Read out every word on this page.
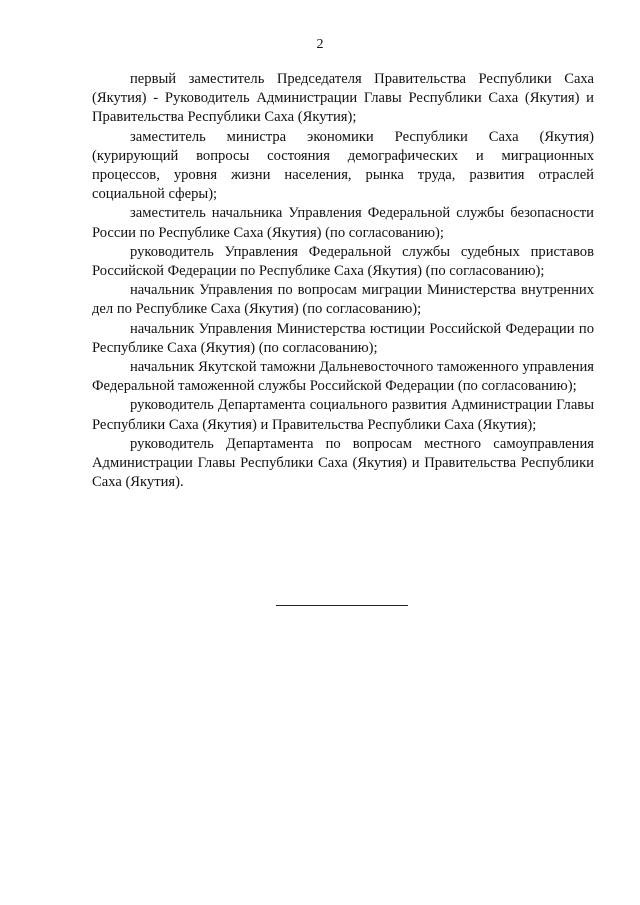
2

первый заместитель Председателя Правительства Республики Саха (Якутия) - Руководитель Администрации Главы Республики Саха (Якутия) и Правительства Республики Саха (Якутия);

заместитель министра экономики Республики Саха (Якутия) (курирующий вопросы состояния демографических и миграционных процессов, уровня жизни населения, рынка труда, развития отраслей социальной сферы);

заместитель начальника Управления Федеральной службы безопасности России по Республике Саха (Якутия) (по согласованию);

руководитель Управления Федеральной службы судебных приставов Российской Федерации по Республике Саха (Якутия) (по согласованию);

начальник Управления по вопросам миграции Министерства внутренних дел по Республике Саха (Якутия) (по согласованию);

начальник Управления Министерства юстиции Российской Федерации по Республике Саха (Якутия) (по согласованию);

начальник Якутской таможни Дальневосточного таможенного управления Федеральной таможенной службы Российской Федерации (по согласованию);

руководитель Департамента социального развития Администрации Главы Республики Саха (Якутия) и Правительства Республики Саха (Якутия);

руководитель Департамента по вопросам местного самоуправления Администрации Главы Республики Саха (Якутия) и Правительства Республики Саха (Якутия).
